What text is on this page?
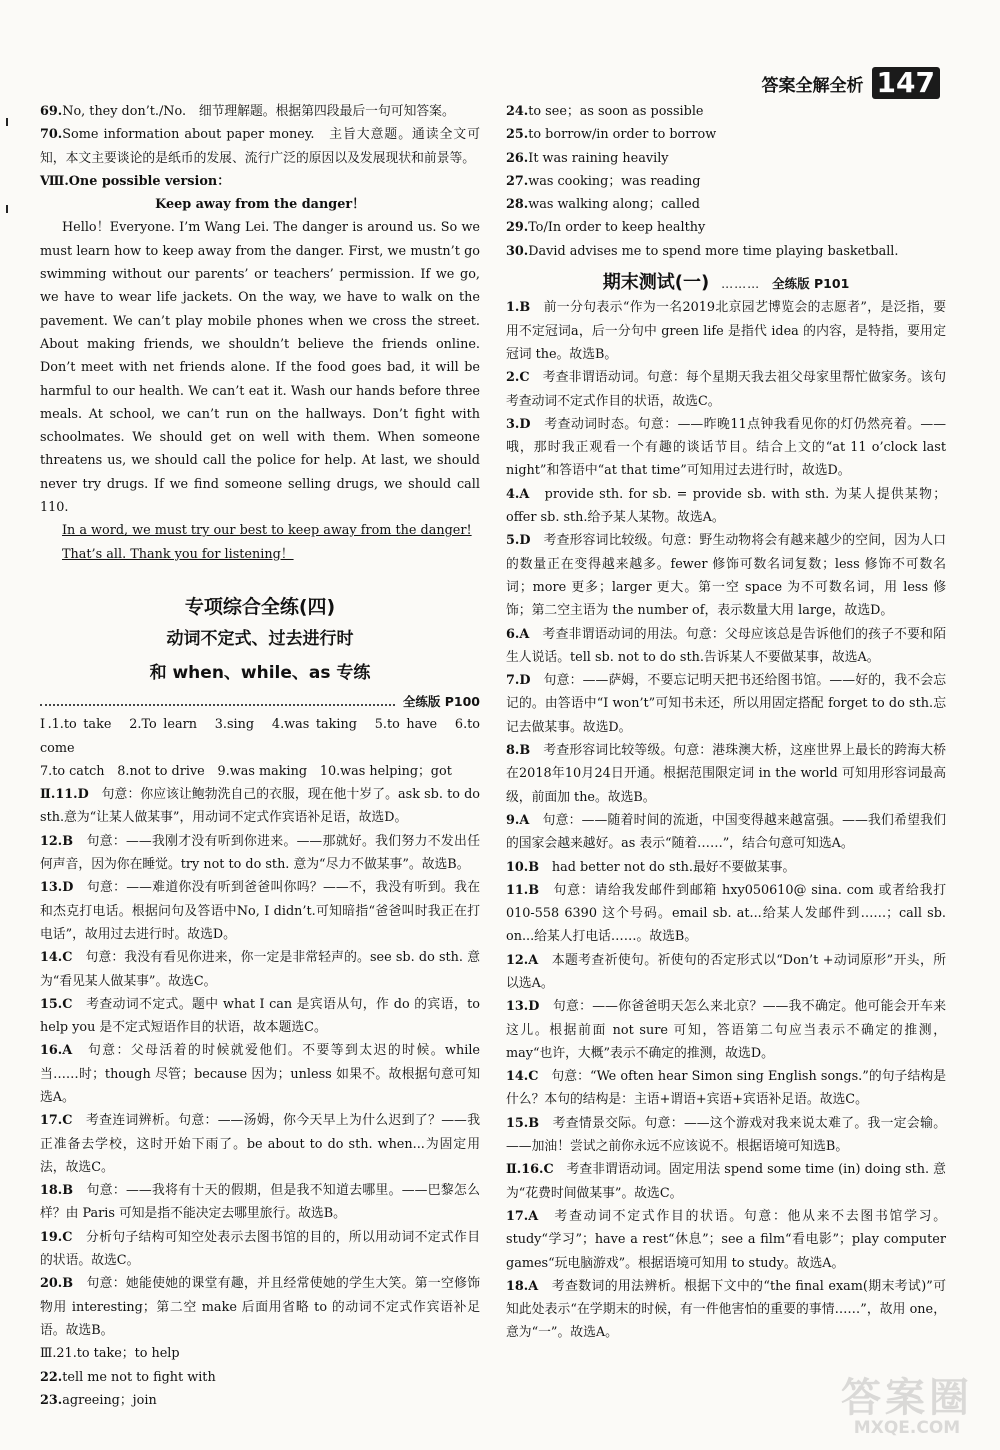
答案全解全析 147

69.No, they don’t./No.　细节理解题。根据第四段最后一句可知答案。

70.Some information about paper money.　主旨大意题。通读全文可知，本文主要谈论的是纸币的发展、流行广泛的原因以及发展现状和前景等。

Ⅷ.One possible version：

Keep away from the danger！

Hello！Everyone. I’m Wang Lei. The danger is around us. So we must learn how to keep away from the danger. First, we mustn’t go swimming without our parents’ or teachers’ permission. If we go, we have to wear life jackets. On the way, we have to walk on the pavement. We can’t play mobile phones when we cross the street. About making friends, we shouldn’t believe the friends online. Don’t meet with net friends alone. If the food goes bad, it will be harmful to our health. We can’t eat it. Wash our hands before three meals. At school, we can’t run on the hallways. Don’t fight with schoolmates. We should get on well with them. When someone threatens us, we should call the police for help. At last, we should never try drugs. If we find someone selling drugs, we should call 110.

In a word, we must try our best to keep away from the danger!

That’s all. Thank you for listening！

专项综合全练(四)
动词不定式、过去进行时
和 when、while、as 专练
全练版 P100

Ⅰ.1.to take　2.To learn　3.sing　4.was taking　5.to have　6.to come

7.to catch　8.not to drive　9.was making　10.was helping；got

Ⅱ.11.D　句意：你应该让鲍勃洗自己的衣服，现在他十岁了。ask sb. to do sth.意为“让某人做某事”，用动词不定式作宾语补足语，故选D。

12.B　句意：——我刚才没有听到你进来。——那就好。我们努力不发出任何声音，因为你在睡觉。try not to do sth. 意为“尽力不做某事”。故选B。

13.D　句意：——难道你没有听到爸爸叫你吗？——不，我没有听到。我在和杰克打电话。根据问句及答语中No, I didn’t.可知暗指“爸爸叫时我正在打电话”，故用过去进行时。故选D。

14.C　句意：我没有看见你进来，你一定是非常轻声的。see sb. do sth. 意为“看见某人做某事”。故选C。

15.C　考查动词不定式。题中 what I can 是宾语从句，作 do 的宾语，to help you 是不定式短语作目的状语，故本题选C。

16.A　句意：父母活着的时候就爱他们。不要等到太迟的时候。while 当……时；though 尽管；because 因为；unless 如果不。故根据句意可知选A。

17.C　考查连词辨析。句意：——汤姆，你今天早上为什么迟到了？——我正准备去学校，这时开始下雨了。be about to do sth. when...为固定用法，故选C。

18.B　句意：——我将有十天的假期，但是我不知道去哪里。——巴黎怎么样？由 Paris 可知是指不能决定去哪里旅行。故选B。

19.C　分析句子结构可知空处表示去图书馆的目的，所以用动词不定式作目的状语。故选C。

20.B　句意：她能使她的课堂有趣，并且经常使她的学生大笑。第一空修饰物用 interesting；第二空 make 后面用省略 to 的动词不定式作宾语补足语。故选B。

Ⅲ.21.to take；to help

22.tell me not to fight with

23.agreeing；join

24.to see；as soon as possible

25.to borrow/in order to borrow

26.It was raining heavily

27.was cooking；was reading

28.was walking along；called

29.To/In order to keep healthy

30.David advises me to spend more time playing basketball.

期末测试(一) ……… 全练版 P101

1.B　前一分句表示“作为一名2019北京园艺博览会的志愿者”，是泛指，要用不定冠词a，后一分句中 green life 是指代 idea 的内容，是特指，要用定冠词 the。故选B。

2.C　考查非谓语动词。句意：每个星期天我去祖父母家里帮忙做家务。该句考查动词不定式作目的状语，故选C。

3.D　考查动词时态。句意：——昨晚11点钟我看见你的灯仍然亮着。——哦，那时我正观看一个有趣的谈话节目。结合上文的“at 11 o’clock last night”和答语中“at that time”可知用过去进行时，故选D。

4.A　provide sth. for sb. = provide sb. with sth. 为某人提供某物；offer sb. sth.给予某人某物。故选A。

5.D　考查形容词比较级。句意：野生动物将会有越来越少的空间，因为人口的数量正在变得越来越多。fewer 修饰可数名词复数；less 修饰不可数名词；more 更多；larger 更大。第一空 space 为不可数名词，用 less 修饰；第二空主语为 the number of，表示数量大用 large，故选D。

6.A　考查非谓语动词的用法。句意：父母应该总是告诉他们的孩子不要和陌生人说话。tell sb. not to do sth.告诉某人不要做某事，故选A。

7.D　句意：——萨姆，不要忘记明天把书还给图书馆。——好的，我不会忘记的。由答语中“I won’t”可知书未还，所以用固定搭配 forget to do sth.忘记去做某事。故选D。

8.B　考查形容词比较等级。句意：港珠澳大桥，这座世界上最长的跨海大桥在2018年10月24日开通。根据范围限定词 in the world 可知用形容词最高级，前面加 the。故选B。

9.A　句意：——随着时间的流逝，中国变得越来越富强。——我们希望我们的国家会越来越好。as 表示“随着……”，结合句意可知选A。

10.B　had better not do sth.最好不要做某事。

11.B　句意：请给我发邮件到邮箱 hxy050610@ sina. com 或者给我打010-558 6390 这个号码。email sb. at...给某人发邮件到……；call sb. on...给某人打电话……。故选B。

12.A　本题考查祈使句。祈使句的否定形式以“Don’t +动词原形”开头，所以选A。

13.D　句意：——你爸爸明天怎么来北京？——我不确定。他可能会开车来这儿。根据前面 not sure 可知，答语第二句应当表示不确定的推测，may“也许，大概”表示不确定的推测，故选D。

14.C　句意：“We often hear Simon sing English songs.”的句子结构是什么？本句的结构是：主语+谓语+宾语+宾语补足语。故选C。

15.B　考查情景交际。句意：——这个游戏对我来说太难了。我一定会输。——加油！尝试之前你永远不应该说不。根据语境可知选B。

Ⅱ.16.C　考查非谓语动词。固定用法 spend some time (in) doing sth. 意为“花费时间做某事”。故选C。

17.A　考查动词不定式作目的状语。句意：他从来不去图书馆学习。study“学习”；have a rest“休息”；see a film“看电影”；play computer games“玩电脑游戏”。根据语境可知用 to study。故选A。

18.A　考查数词的用法辨析。根据下文中的“the final exam(期末考试)”可知此处表示“在学期末的时候，有一件他害怕的重要的事情……”，故用 one，意为“一”。故选A。

答案圈
MXQE.COM
